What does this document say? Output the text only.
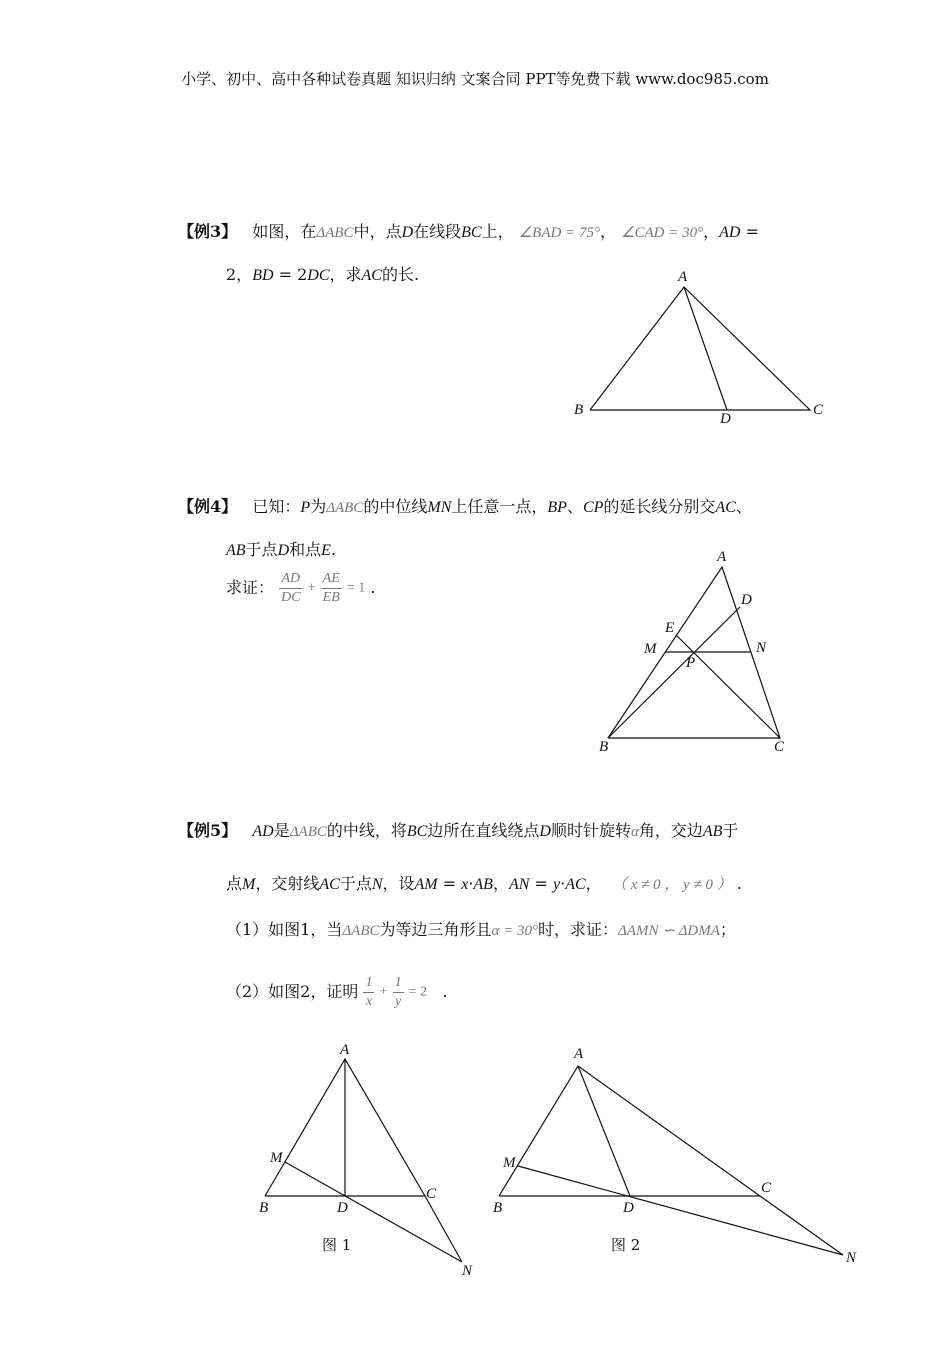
小学、初中、高中各种试卷真题 知识归纳 文案合同 PPT等免费下载 www.doc985.com
【例3】 如图，在ΔABC中，点D在线段BC上， ∠BAD = 75°， ∠CAD = 30°，AD =
2，BD = 2DC，求AC的长.
【例4】 已知：P为ΔABC的中位线MN上任意一点，BP、CP的延长线分别交AC、
AB于点D和点E.
求证： $\frac{AD}{DC} + \frac{AE}{EB} = 1$ .
【例5】 AD是ΔABC的中线，将BC边所在直线绕点D顺时针旋转α角，交边AB于
点M，交射线AC于点N，设AM = x·AB，AN = y·AC， （ x ≠ 0 ， y ≠ 0 ） .
（1）如图1，当ΔABC为等边三角形且α = 30°时，求证：ΔAMN ∽ ΔDMA；
（2）如图2，证明 $\frac{1}{x} + \frac{1}{y} = 2$ .
A
B	C
D
A
D
E
M	N
P
B	C
A
M
B	D
C
N
图 1
A
M
B	D
C
N
图 2
